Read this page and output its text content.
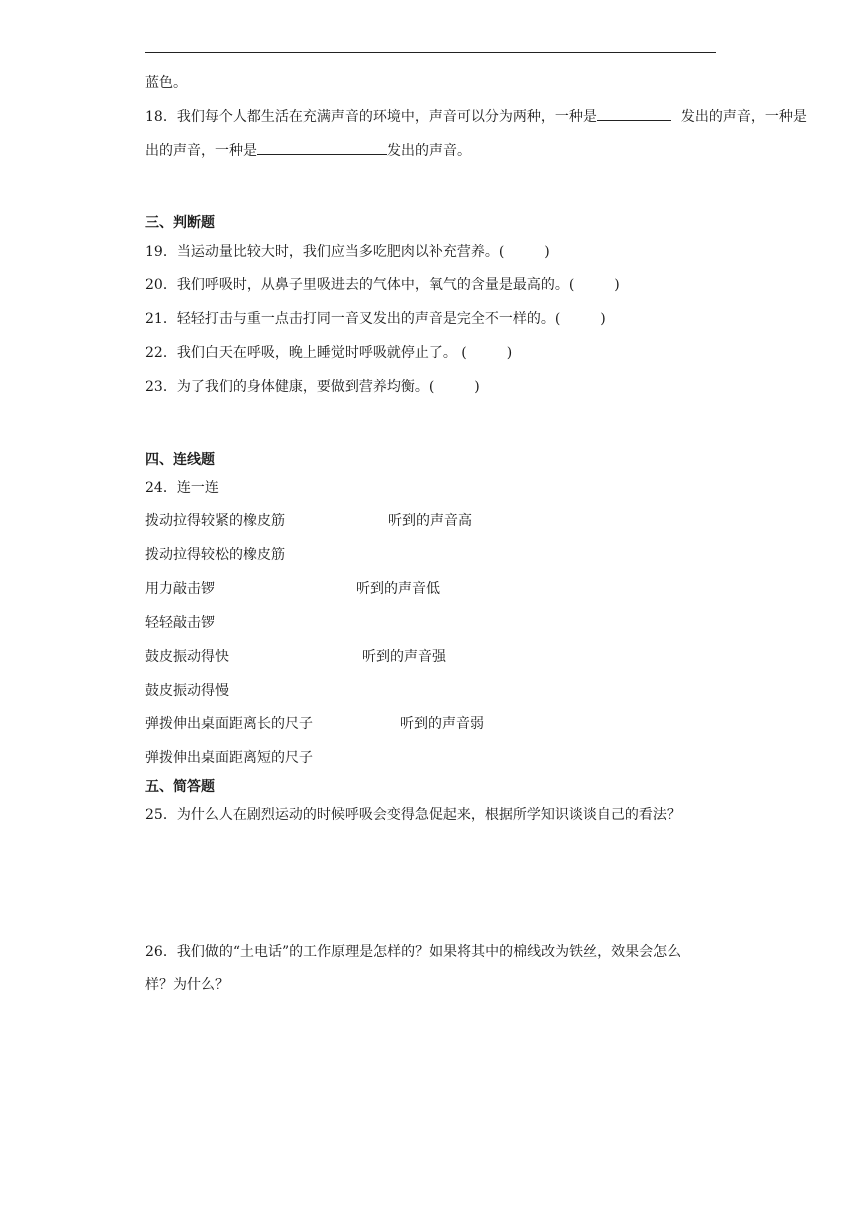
蓝色。
18．我们每个人都生活在充满声音的环境中，声音可以分为两种，一种是	发出的声音，一种是
出的声音，一种是	发出的声音。
三、判断题
19．当运动量比较大时，我们应当多吃肥肉以补充营养。(	)
20．我们呼吸时，从鼻子里吸进去的气体中，氧气的含量是最高的。(	)
21．轻轻打击与重一点击打同一音叉发出的声音是完全不一样的。(	)
22．我们白天在呼吸，晚上睡觉时呼吸就停止了。 (	)
23．为了我们的身体健康，要做到营养均衡。(	)
四、连线题
24．连一连
拨动拉得较紧的橡皮筋	听到的声音高
拨动拉得较松的橡皮筋
用力敲击锣	听到的声音低
轻轻敲击锣
鼓皮振动得快	听到的声音强
鼓皮振动得慢
弹拨伸出桌面距离长的尺子	听到的声音弱
弹拨伸出桌面距离短的尺子
五、简答题
25．为什么人在剧烈运动的时候呼吸会变得急促起来，根据所学知识谈谈自己的看法？
26．我们做的“土电话”的工作原理是怎样的？如果将其中的棉线改为铁丝，效果会怎么
样？为什么？
